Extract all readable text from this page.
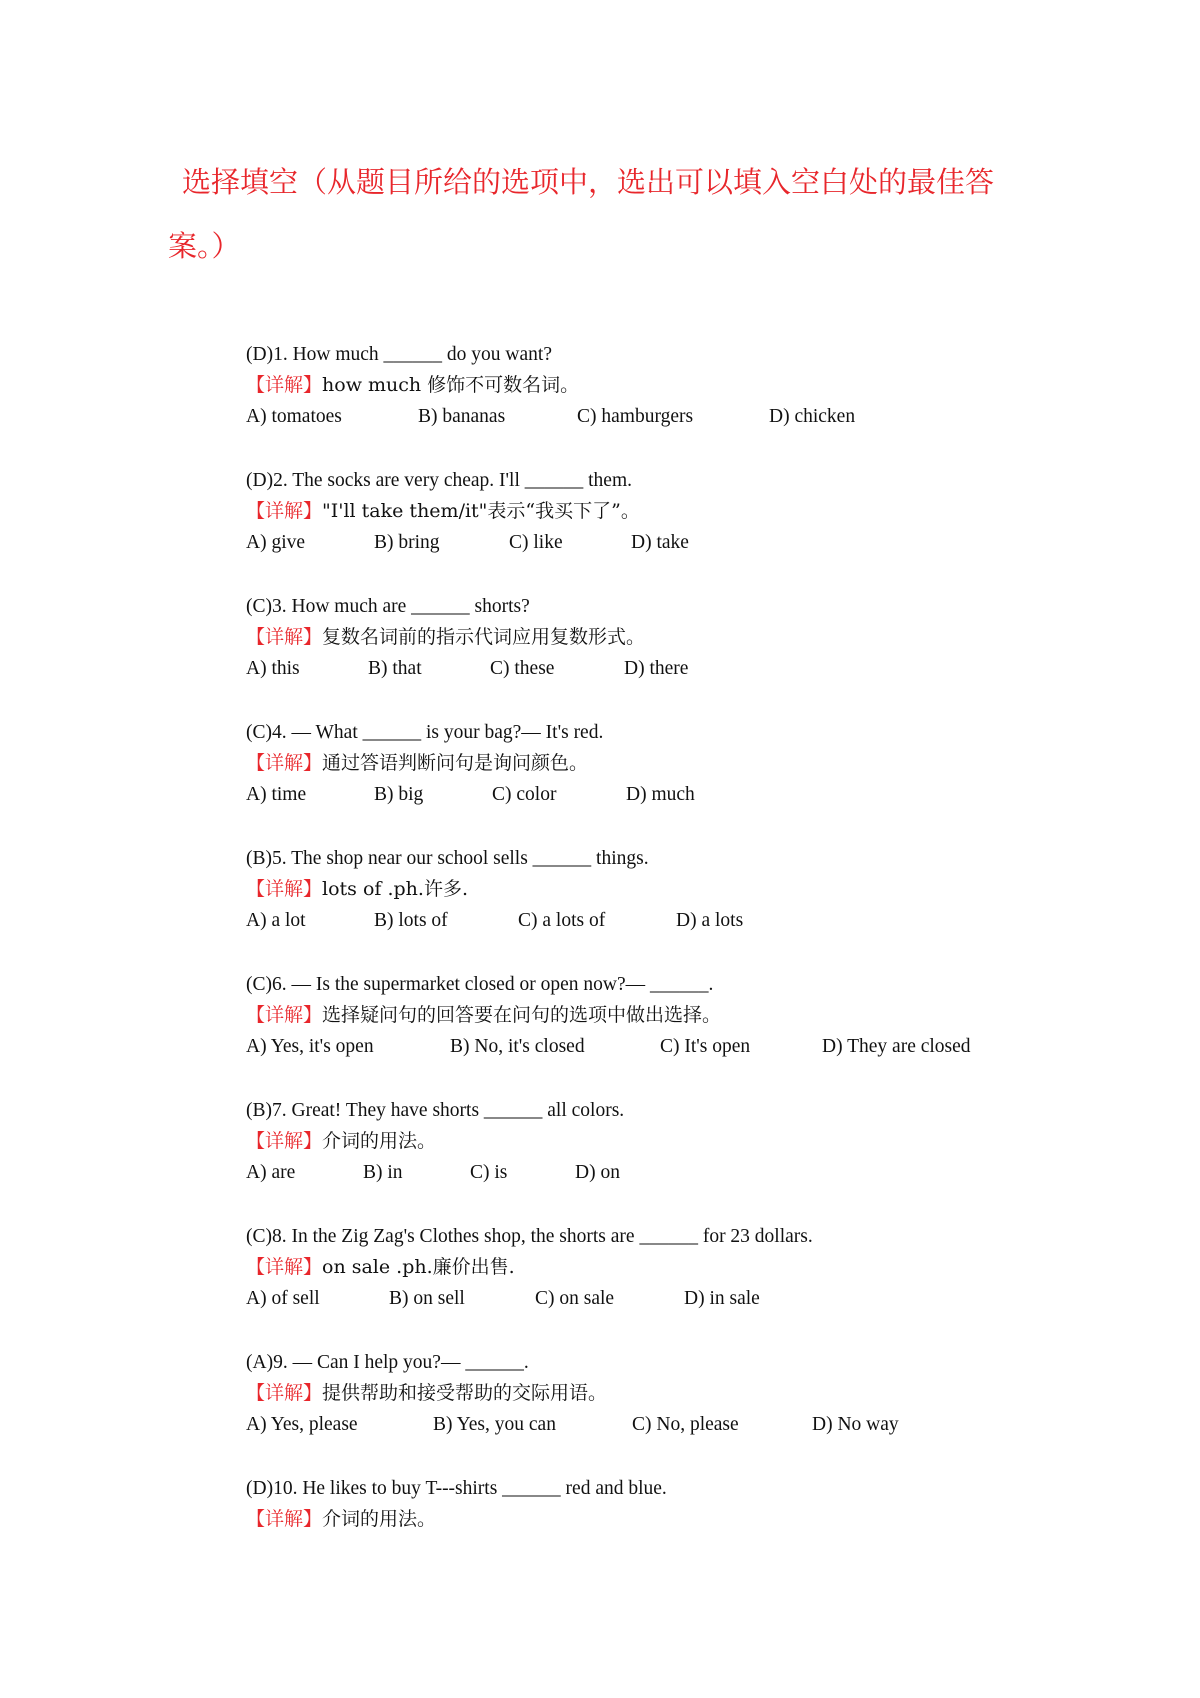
选择填空（从题目所给的选项中，选出可以填入空白处的最佳答案。）
(D)1. How much ______ do you want?
【详解】how much 修饰不可数名词。
A) tomatoes	B) bananas	C) hamburgers	D) chicken
(D)2. The socks are very cheap. I'll ______ them.
【详解】"I'll take them/it"表示“我买下了”。
A) give	B) bring	C) like	D) take
(C)3. How much are ______ shorts?
【详解】复数名词前的指示代词应用复数形式。
A) this	B) that	C) these	D) there
(C)4. — What ______ is your bag?— It's red.
【详解】通过答语判断问句是询问颜色。
A) time	B) big	C) color	D) much
(B)5. The shop near our school sells ______ things.
【详解】lots of .ph.许多.
A) a lot	B) lots of	C) a lots of	D) a lots
(C)6. — Is the supermarket closed or open now?— ______.
【详解】选择疑问句的回答要在问句的选项中做出选择。
A) Yes, it's open	B) No, it's closed	C) It's open	D) They are closed
(B)7. Great! They have shorts ______ all colors.
【详解】介词的用法。
A) are	B) in	C) is	D) on
(C)8. In the Zig Zag's Clothes shop, the shorts are ______ for 23 dollars.
【详解】on sale .ph.廉价出售.
A) of sell	B) on sell	C) on sale	D) in sale
(A)9. — Can I help you?— ______.
【详解】提供帮助和接受帮助的交际用语。
A) Yes, please	B) Yes, you can	C) No, please	D) No way
(D)10. He likes to buy T---shirts ______ red and blue.
【详解】介词的用法。
